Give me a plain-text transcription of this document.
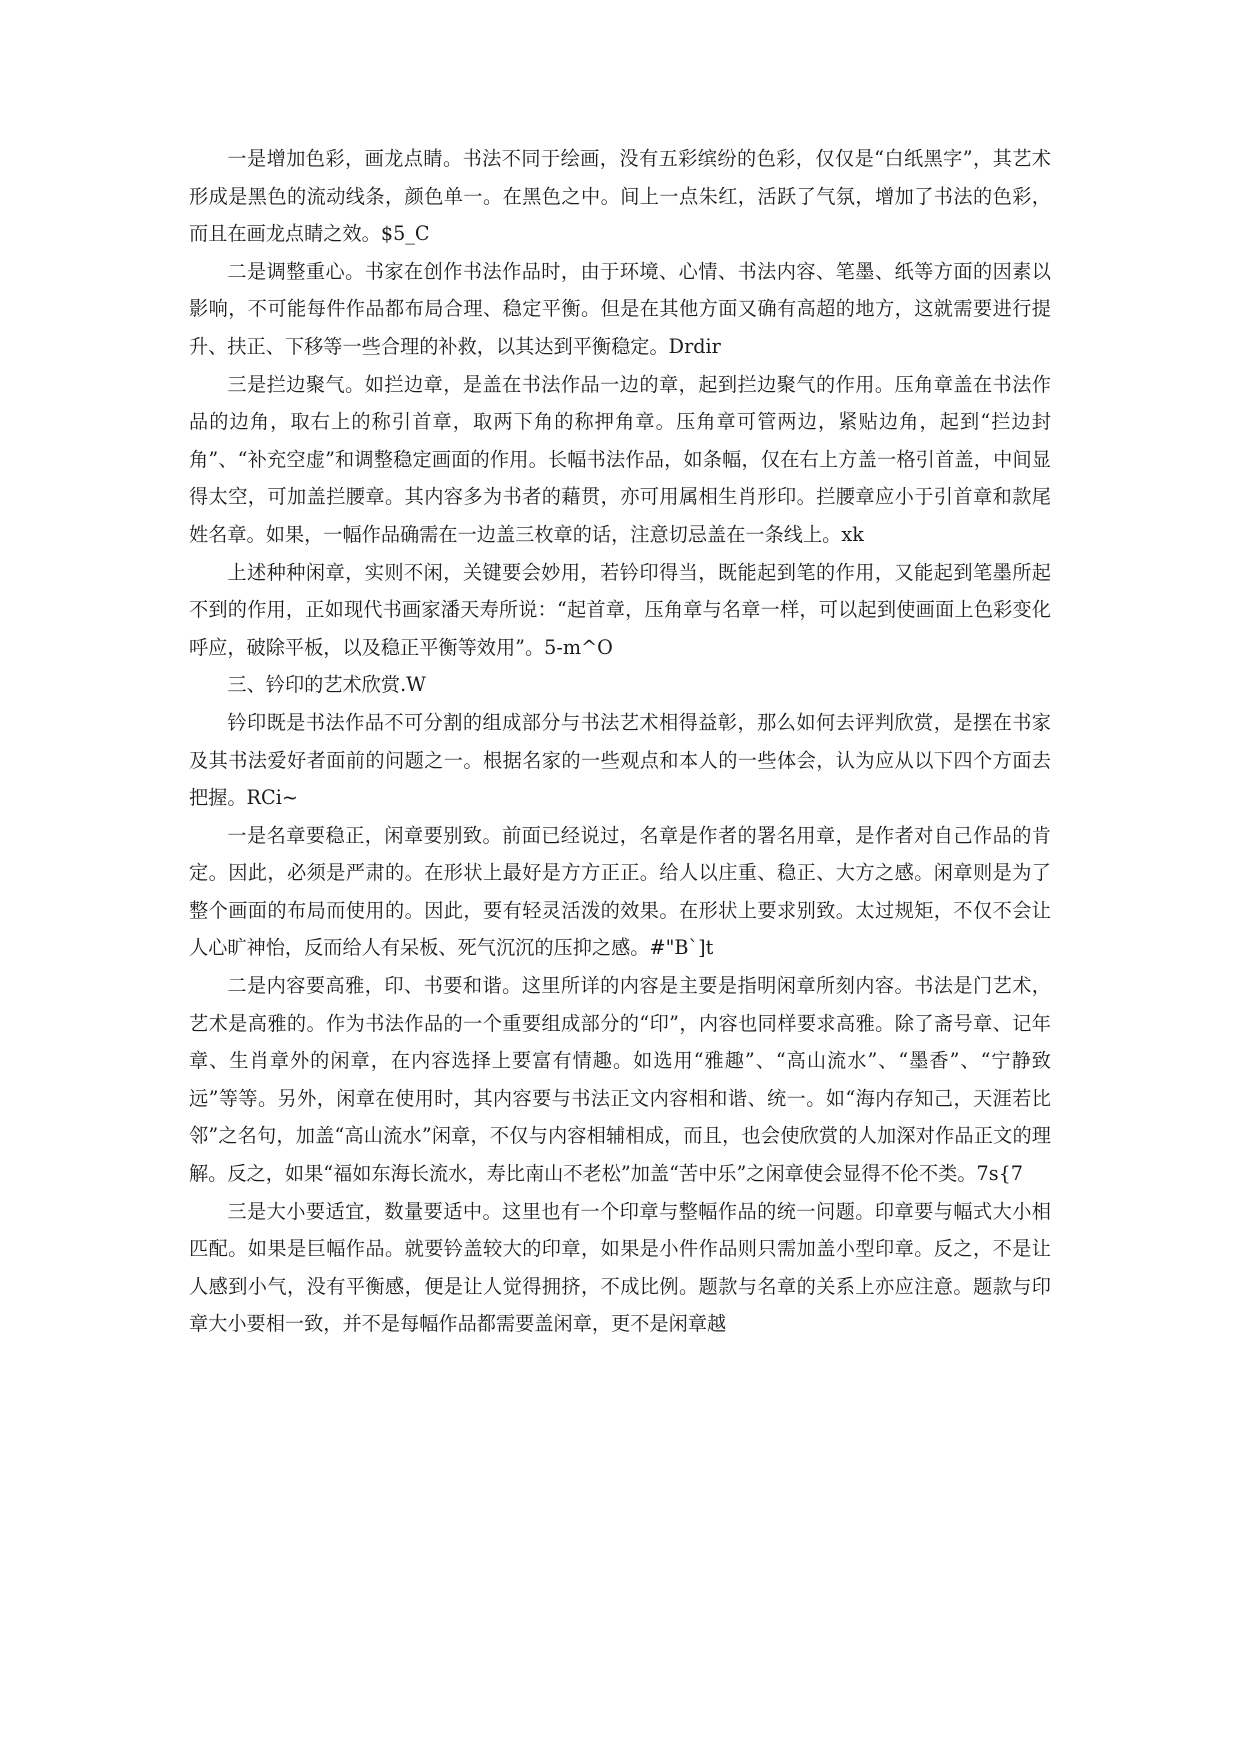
一是增加色彩，画龙点睛。书法不同于绘画，没有五彩缤纷的色彩，仅仅是“白纸黑字”，其艺术形成是黑色的流动线条，颜色单一。在黑色之中。间上一点朱红，活跃了气氛，增加了书法的色彩，而且在画龙点睛之效。$5_C

二是调整重心。书家在创作书法作品时，由于环境、心情、书法内容、笔墨、纸等方面的因素以影响，不可能每件作品都布局合理、稳定平衡。但是在其他方面又确有高超的地方，这就需要进行提升、扶正、下移等一些合理的补救，以其达到平衡稳定。Drdir

三是拦边聚气。如拦边章，是盖在书法作品一边的章，起到拦边聚气的作用。压角章盖在书法作品的边角，取右上的称引首章，取两下角的称押角章。压角章可管两边，紧贴边角，起到“拦边封角”、“补充空虚”和调整稳定画面的作用。长幅书法作品，如条幅，仅在右上方盖一格引首盖，中间显得太空，可加盖拦腰章。其内容多为书者的藉贯，亦可用属相生肖形印。拦腰章应小于引首章和款尾姓名章。如果，一幅作品确需在一边盖三枚章的话，注意切忌盖在一条线上。xk

上述种种闲章，实则不闲，关键要会妙用，若钤印得当，既能起到笔的作用，又能起到笔墨所起不到的作用，正如现代书画家潘天寿所说：“起首章，压角章与名章一样，可以起到使画面上色彩变化呼应，破除平板，以及稳正平衡等效用”。5-m^O

三、钤印的艺术欣赏.W

钤印既是书法作品不可分割的组成部分与书法艺术相得益彰，那么如何去评判欣赏，是摆在书家及其书法爱好者面前的问题之一。根据名家的一些观点和本人的一些体会，认为应从以下四个方面去把握。RCi~

一是名章要稳正，闲章要别致。前面已经说过，名章是作者的署名用章，是作者对自己作品的肯定。因此，必须是严肃的。在形状上最好是方方正正。给人以庄重、稳正、大方之感。闲章则是为了整个画面的布局而使用的。因此，要有轻灵活泼的效果。在形状上要求别致。太过规矩，不仅不会让人心旷神怡，反而给人有呆板、死气沉沉的压抑之感。#"B`]t

二是内容要高雅，印、书要和谐。这里所详的内容是主要是指明闲章所刻内容。书法是门艺术，艺术是高雅的。作为书法作品的一个重要组成部分的“印”，内容也同样要求高雅。除了斋号章、记年章、生肖章外的闲章，在内容选择上要富有情趣。如选用“雅趣”、“高山流水”、“墨香”、“宁静致远”等等。另外，闲章在使用时，其内容要与书法正文内容相和谐、统一。如“海内存知己，天涯若比邻”之名句，加盖“高山流水”闲章，不仅与内容相辅相成，而且，也会使欣赏的人加深对作品正文的理解。反之，如果“福如东海长流水，寿比南山不老松”加盖“苦中乐”之闲章使会显得不伦不类。7s{7

三是大小要适宜，数量要适中。这里也有一个印章与整幅作品的统一问题。印章要与幅式大小相匹配。如果是巨幅作品。就要钤盖较大的印章，如果是小件作品则只需加盖小型印章。反之，不是让人感到小气，没有平衡感，便是让人觉得拥挤，不成比例。题款与名章的关系上亦应注意。题款与印章大小要相一致，并不是每幅作品都需要盖闲章，更不是闲章越
